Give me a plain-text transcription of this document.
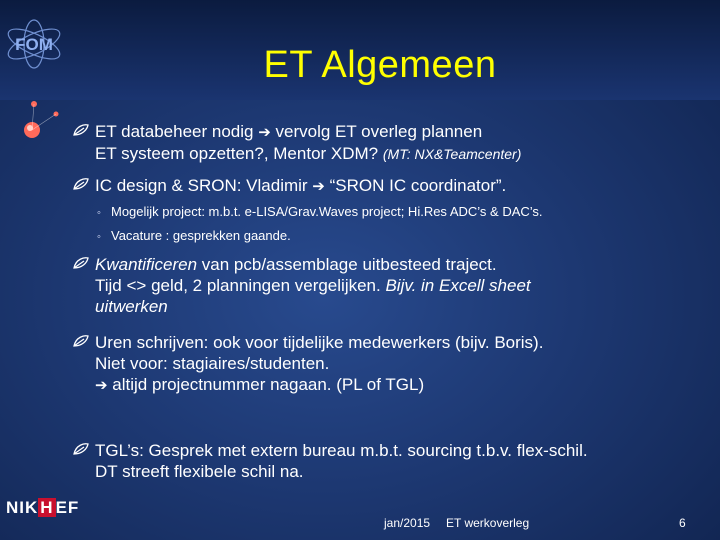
FOM	ET Algemeen
ET databeheer nodig ➔ vervolg ET overleg plannen
ET systeem opzetten?, Mentor XDM? (MT: NX&Teamcenter)
IC design & SRON: Vladimir ➔ “SRON IC coordinator”.
◦ Mogelijk project: m.b.t. e-LISA/Grav.Waves project; Hi.Res ADC’s & DAC’s.
◦ Vacature : gesprekken gaande.
Kwantificeren van pcb/assemblage uitbesteed traject.
Tijd <> geld, 2 planningen vergelijken. Bijv. in Excell sheet
uitwerken
Uren schrijven: ook voor tijdelijke medewerkers (bijv. Boris).
Niet voor: stagiaires/studenten.
➔ altijd projectnummer nagaan. (PL of TGL)
TGL’s: Gesprek met extern bureau m.b.t. sourcing t.b.v. flex-schil.
DT streeft flexibele schil na.
NIK H EF
jan/2015 ET werkoverleg	6
